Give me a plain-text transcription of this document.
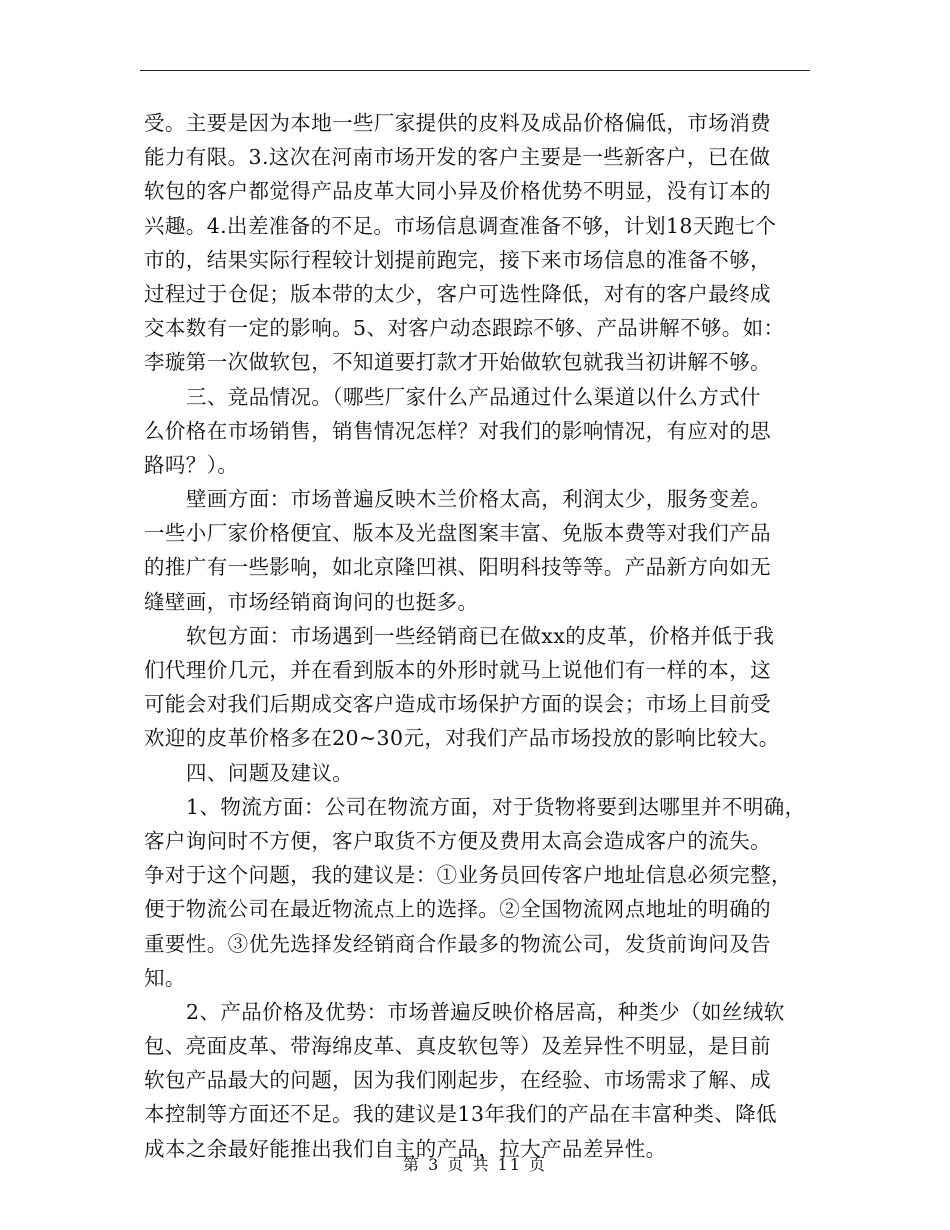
受。主要是因为本地一些厂家提供的皮料及成品价格偏低，市场消费
能力有限。3.这次在河南市场开发的客户主要是一些新客户，已在做
软包的客户都觉得产品皮革大同小异及价格优势不明显，没有订本的
兴趣。4.出差准备的不足。市场信息调查准备不够，计划18天跑七个
市的，结果实际行程较计划提前跑完，接下来市场信息的准备不够，
过程过于仓促；版本带的太少，客户可选性降低，对有的客户最终成
交本数有一定的影响。5、对客户动态跟踪不够、产品讲解不够。如：
李璇第一次做软包，不知道要打款才开始做软包就我当初讲解不够。
三、竞品情况。（哪些厂家什么产品通过什么渠道以什么方式什
么价格在市场销售，销售情况怎样？对我们的影响情况，有应对的思
路吗？）。
壁画方面：市场普遍反映木兰价格太高，利润太少，服务变差。
一些小厂家价格便宜、版本及光盘图案丰富、免版本费等对我们产品
的推广有一些影响，如北京隆凹祺、阳明科技等等。产品新方向如无
缝壁画，市场经销商询问的也挺多。
软包方面：市场遇到一些经销商已在做xx的皮革，价格并低于我
们代理价几元，并在看到版本的外形时就马上说他们有一样的本，这
可能会对我们后期成交客户造成市场保护方面的误会；市场上目前受
欢迎的皮革价格多在20~30元，对我们产品市场投放的影响比较大。
四、问题及建议。
1、物流方面：公司在物流方面，对于货物将要到达哪里并不明确，
客户询问时不方便，客户取货不方便及费用太高会造成客户的流失。
争对于这个问题，我的建议是：①业务员回传客户地址信息必须完整，
便于物流公司在最近物流点上的选择。②全国物流网点地址的明确的
重要性。③优先选择发经销商合作最多的物流公司，发货前询问及告
知。
2、产品价格及优势：市场普遍反映价格居高，种类少（如丝绒软
包、亮面皮革、带海绵皮革、真皮软包等）及差异性不明显，是目前
软包产品最大的问题，因为我们刚起步，在经验、市场需求了解、成
本控制等方面还不足。我的建议是13年我们的产品在丰富种类、降低
成本之余最好能推出我们自主的产品，拉大产品差异性。
第 3 页 共 11 页
